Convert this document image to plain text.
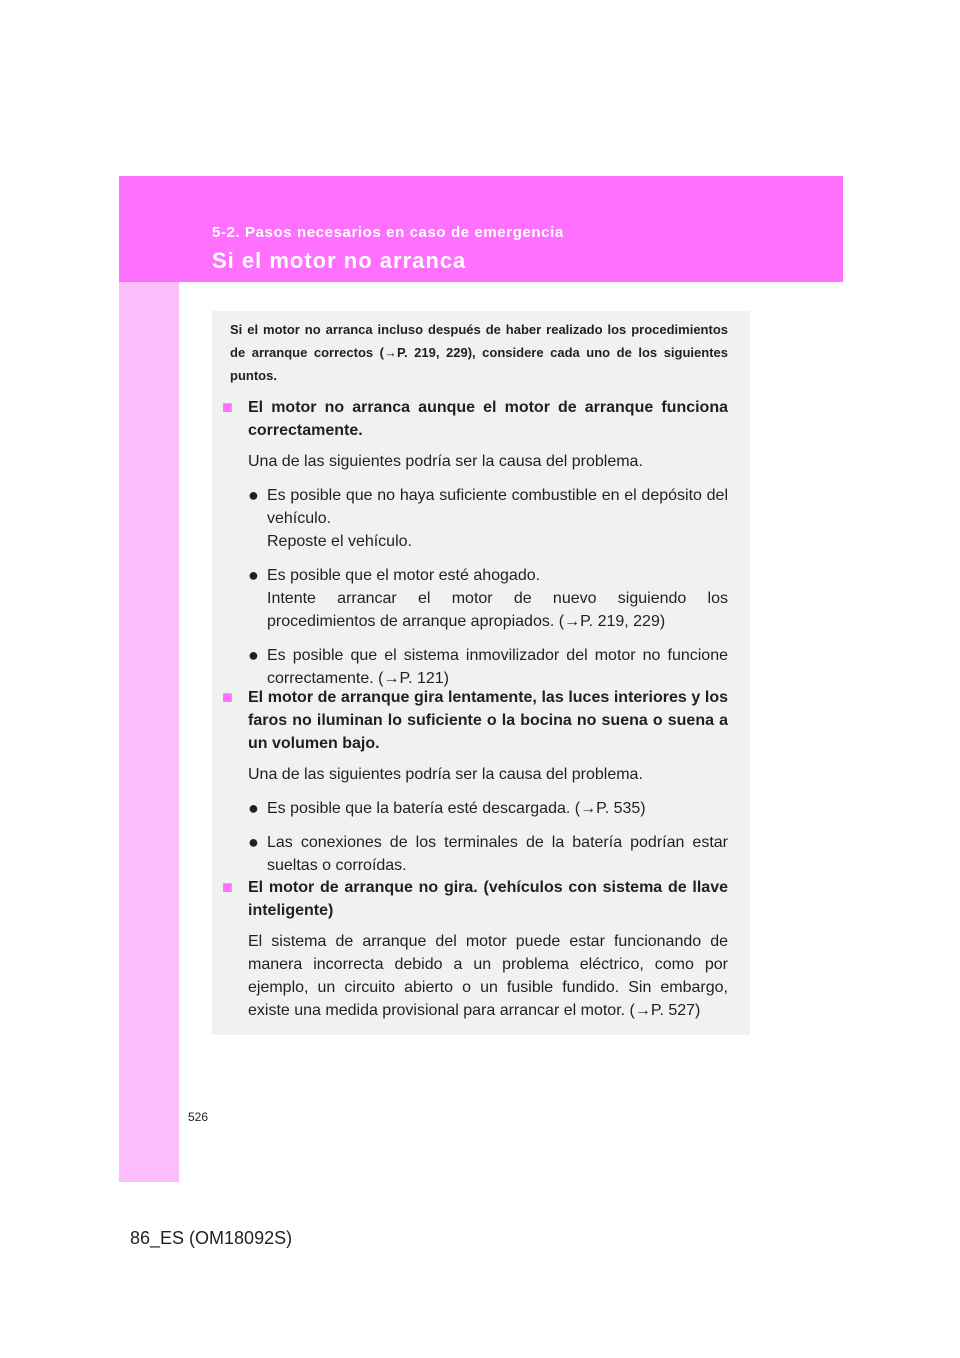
5-2. Pasos necesarios en caso de emergencia
Si el motor no arranca
Si el motor no arranca incluso después de haber realizado los procedimientos de arranque correctos (→P. 219, 229), considere cada uno de los siguientes puntos.
■ El motor no arranca aunque el motor de arranque funciona correctamente.
Una de las siguientes podría ser la causa del problema.
● Es posible que no haya suficiente combustible en el depósito del vehículo.
Reposte el vehículo.
● Es posible que el motor esté ahogado.
Intente arrancar el motor de nuevo siguiendo los
procedimientos de arranque apropiados. (→P. 219, 229)
● Es posible que el sistema inmovilizador del motor no funcione correctamente. (→P. 121)
■ El motor de arranque gira lentamente, las luces interiores y los faros no iluminan lo suficiente o la bocina no suena o suena a un volumen bajo.
Una de las siguientes podría ser la causa del problema.
● Es posible que la batería esté descargada. (→P. 535)
● Las conexiones de los terminales de la batería podrían estar sueltas o corroídas.
■ El motor de arranque no gira. (vehículos con sistema de llave inteligente)
El sistema de arranque del motor puede estar funcionando de manera incorrecta debido a un problema eléctrico, como por ejemplo, un circuito abierto o un fusible fundido. Sin embargo, existe una medida provisional para arrancar el motor. (→P. 527)
526
86_ES (OM18092S)
